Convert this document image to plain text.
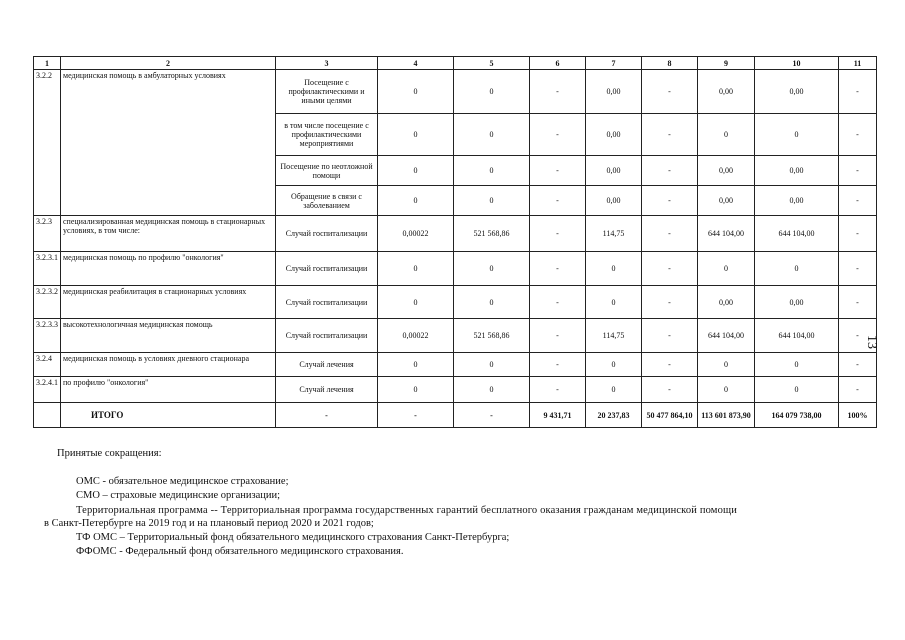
1	2	3	4	5	6	7	8	9	10	11
3.2.2	медицинская помощь в амбулаторных условиях	Посещение с профилактическими и иными целями	0	0	-	0,00	-	0,00	0,00	-
		в том числе посещение с профилактическими мероприятиями	0	0	-	0,00	-	0	0	-
		Посещение по неотложной помощи	0	0	-	0,00	-	0,00	0,00	-
		Обращение в связи с заболеванием	0	0	-	0,00	-	0,00	0,00	-
3.2.3	специализированная медицинская помощь в стационарных условиях, в том числе:	Случай госпитализации	0,00022	521 568,86	-	114,75	-	644 104,00	644 104,00	-
3.2.3.1	медицинская помощь по профилю "онкология"	Случай госпитализации	0	0	-	0	-	0	0	-
3.2.3.2	медицинская реабилитация в стационарных условиях	Случай госпитализации	0	0	-	0	-	0,00	0,00	-
3.2.3.3	высокотехнологичная медицинская помощь	Случай госпитализации	0,00022	521 568,86	-	114,75	-	644 104,00	644 104,00	-
3.2.4	медицинская помощь в условиях дневного стационара	Случай лечения	0	0	-	0	-	0	0	-
3.2.4.1	по профилю "онкология"	Случай лечения	0	0	-	0	-	0	0	-
	ИТОГО	-	-	-	9 431,71	20 237,83	50 477 864,10	113 601 873,90	164 079 738,00	100%
13
Принятые сокращения:
ОМС - обязательное медицинское страхование;
СМО – страховые медицинские организации;
Территориальная программа -- Территориальная программа государственных гарантий бесплатного оказания гражданам медицинской помощи
в Санкт-Петербурге на 2019 год и на плановый период 2020 и 2021 годов;
ТФ ОМС – Территориальный фонд обязательного медицинского страхования Санкт-Петербурга;
ФФОМС - Федеральный фонд обязательного медицинского страхования.
